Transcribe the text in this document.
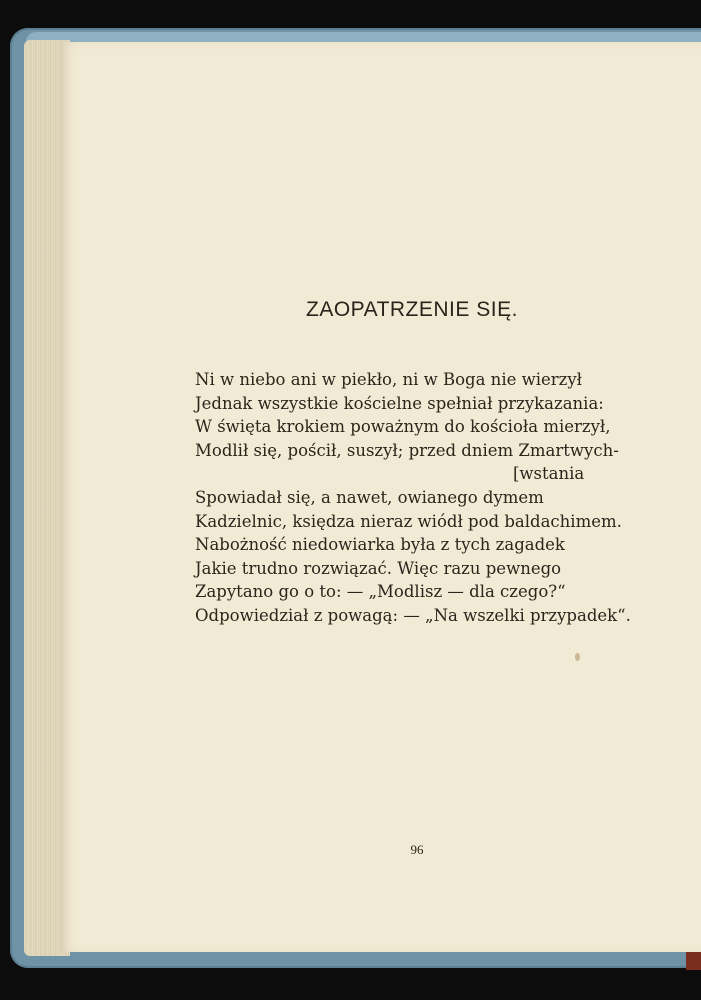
ZAOPATRZENIE SIĘ.
Ni w niebo ani w piekło, ni w Boga nie wierzył
Jednak wszystkie kościelne spełniał przykazania:
W święta krokiem poważnym do kościoła mierzył,
Modlił się, pościł, suszył; przed dniem Zmartwych-
[wstania
Spowiadał się, a nawet, owianego dymem
Kadzielnic, księdza nieraz wiódł pod baldachimem.
Nabożność niedowiarka była z tych zagadek
Jakie trudno rozwiązać. Więc razu pewnego
Zapytano go o to: — „Modlisz — dla czego?“
Odpowiedział z powagą: — „Na wszelki przypadek“.
96
